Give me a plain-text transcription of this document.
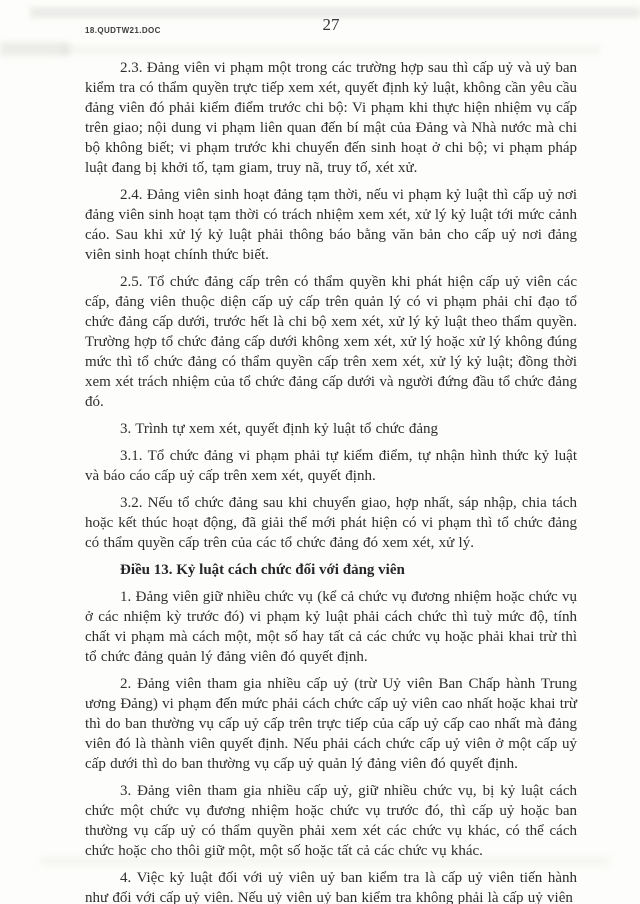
18.QUDTW21.DOC	27

2.3. Đảng viên vi phạm một trong các trường hợp sau thì cấp uỷ và uỷ ban kiểm tra có thẩm quyền trực tiếp xem xét, quyết định kỷ luật, không cần yêu cầu đảng viên đó phải kiểm điểm trước chi bộ: Vi phạm khi thực hiện nhiệm vụ cấp trên giao; nội dung vi phạm liên quan đến bí mật của Đảng và Nhà nước mà chi bộ không biết; vi phạm trước khi chuyển đến sinh hoạt ở chi bộ; vi phạm pháp luật đang bị khởi tố, tạm giam, truy nã, truy tố, xét xử.

2.4. Đảng viên sinh hoạt đảng tạm thời, nếu vi phạm kỷ luật thì cấp uỷ nơi đảng viên sinh hoạt tạm thời có trách nhiệm xem xét, xử lý kỷ luật tới mức cảnh cáo. Sau khi xử lý kỷ luật phải thông báo bằng văn bản cho cấp uỷ nơi đảng viên sinh hoạt chính thức biết.

2.5. Tổ chức đảng cấp trên có thẩm quyền khi phát hiện cấp uỷ viên các cấp, đảng viên thuộc diện cấp uỷ cấp trên quản lý có vi phạm phải chỉ đạo tổ chức đảng cấp dưới, trước hết là chi bộ xem xét, xử lý kỷ luật theo thẩm quyền. Trường hợp tổ chức đảng cấp dưới không xem xét, xử lý hoặc xử lý không đúng mức thì tổ chức đảng có thẩm quyền cấp trên xem xét, xử lý kỷ luật; đồng thời xem xét trách nhiệm của tổ chức đảng cấp dưới và người đứng đầu tổ chức đảng đó.

3. Trình tự xem xét, quyết định kỷ luật tổ chức đảng

3.1. Tổ chức đảng vi phạm phải tự kiểm điểm, tự nhận hình thức kỷ luật và báo cáo cấp uỷ cấp trên xem xét, quyết định.

3.2. Nếu tổ chức đảng sau khi chuyển giao, hợp nhất, sáp nhập, chia tách hoặc kết thúc hoạt động, đã giải thể mới phát hiện có vi phạm thì tổ chức đảng có thẩm quyền cấp trên của các tổ chức đảng đó xem xét, xử lý.

Điều 13. Kỷ luật cách chức đối với đảng viên

1. Đảng viên giữ nhiều chức vụ (kể cả chức vụ đương nhiệm hoặc chức vụ ở các nhiệm kỳ trước đó) vi phạm kỷ luật phải cách chức thì tuỳ mức độ, tính chất vi phạm mà cách một, một số hay tất cả các chức vụ hoặc phải khai trừ thì tổ chức đảng quản lý đảng viên đó quyết định.

2. Đảng viên tham gia nhiều cấp uỷ (trừ Uỷ viên Ban Chấp hành Trung ương Đảng) vi phạm đến mức phải cách chức cấp uỷ viên cao nhất hoặc khai trừ thì do ban thường vụ cấp uỷ cấp trên trực tiếp của cấp uỷ cấp cao nhất mà đảng viên đó là thành viên quyết định. Nếu phải cách chức cấp uỷ viên ở một cấp uỷ cấp dưới thì do ban thường vụ cấp uỷ quản lý đảng viên đó quyết định.

3. Đảng viên tham gia nhiều cấp uỷ, giữ nhiều chức vụ, bị kỷ luật cách chức một chức vụ đương nhiệm hoặc chức vụ trước đó, thì cấp uỷ hoặc ban thường vụ cấp uỷ có thẩm quyền phải xem xét các chức vụ khác, có thể cách chức hoặc cho thôi giữ một, một số hoặc tất cả các chức vụ khác.

4. Việc kỷ luật đối với uỷ viên uỷ ban kiểm tra là cấp uỷ viên tiến hành như đối với cấp uỷ viên. Nếu uỷ viên uỷ ban kiểm tra không phải là cấp uỷ viên
